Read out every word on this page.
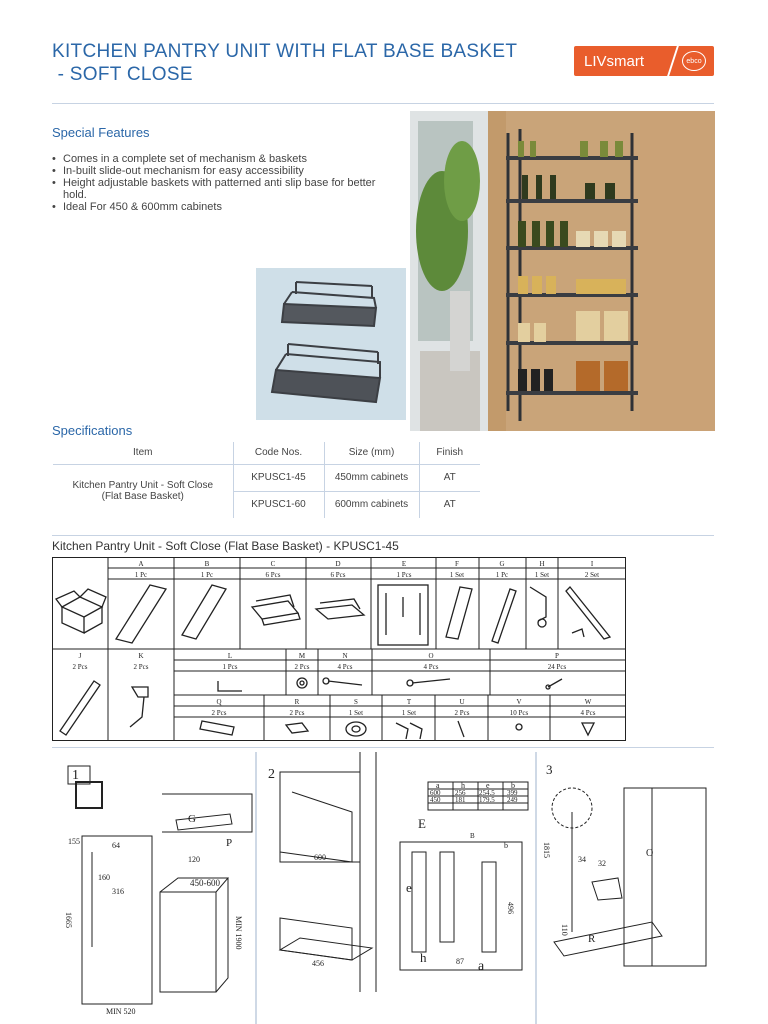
KITCHEN PANTRY UNIT WITH FLAT BASE BASKET
- SOFT CLOSE
LIVsmart	ebco
Special Features
• Comes in a complete set of mechanism & baskets
• In-built slide-out mechanism for easy accessibility
• Height adjustable baskets with patterned anti slip base for better hold.
• Ideal For 450 & 600mm cabinets
Specifications
Item	Code Nos.	Size (mm)	Finish
Kitchen Pantry Unit - Soft Close (Flat Base Basket)	KPUSC1-45	450mm cabinets	AT
	KPUSC1-60	600mm cabinets	AT
Kitchen Pantry Unit - Soft Close (Flat Base Basket) - KPUSC1-45
A
1 Pc
B
1 Pc
C
6 Pcs
D
6 Pcs
E
1 Pcs
F
1 Set
G
1 Pc
H
1 Set
I
2 Set
J
2 Pcs
K
2 Pcs
L
1 Pcs
M
2 Pcs
N
4 Pcs
O
4 Pcs
P
24 Pcs
Q
2 Pcs
R
2 Pcs
S
1 Set
T
1 Set
U
2 Pcs
V
10 Pcs
W
4 Pcs
1
155	64
160
316
120
450-600
1665	MIN 1900
MIN 520
G
P
2
600
456
a	h	e	b
600 256 254.5 399
450 181 179.5 249
E
e
h
a
b
87
496
B
3
1815
34 32
110
O
R
